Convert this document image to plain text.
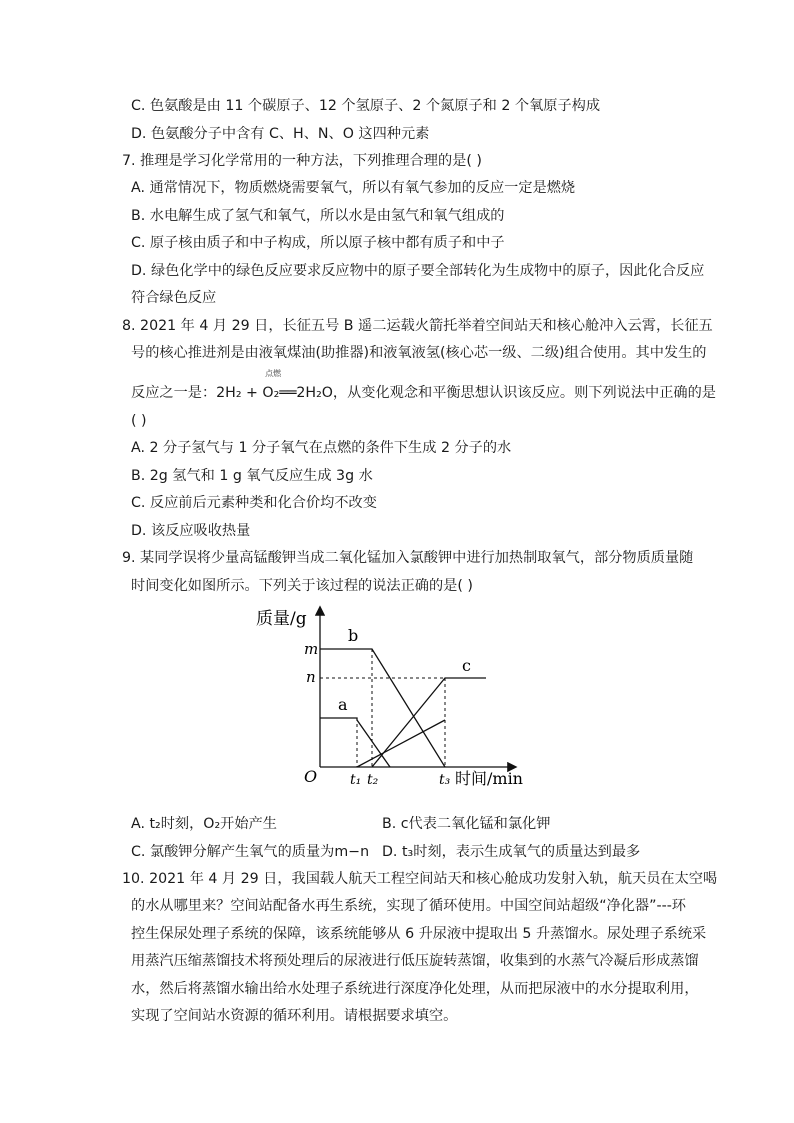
C. 色氨酸是由 11 个碳原子、12 个氢原子、2 个氮原子和 2 个氧原子构成
D. 色氨酸分子中含有 C、H、N、O 这四种元素
7. 推理是学习化学常用的一种方法，下列推理合理的是( )
A. 通常情况下，物质燃烧需要氧气，所以有氧气参加的反应一定是燃烧
B. 水电解生成了氢气和氧气，所以水是由氢气和氧气组成的
C. 原子核由质子和中子构成，所以原子核中都有质子和中子
D. 绿色化学中的绿色反应要求反应物中的原子要全部转化为生成物中的原子，因此化合反应
符合绿色反应
8. 2021 年 4 月 29 日，长征五号 B 遥二运载火箭托举着空间站天和核心舱冲入云霄，长征五
号的核心推进剂是由液氧煤油(助推器)和液氧液氢(核心芯一级、二级)组合使用。其中发生的
反应之一是：
点燃
2H₂ + O₂══2H₂O，从变化观念和平衡思想认识该反应。则下列说法中正确的是
( )
A. 2 分子氢气与 1 分子氧气在点燃的条件下生成 2 分子的水
B. 2g 氢气和 1 g 氧气反应生成 3g 水
C. 反应前后元素种类和化合价均不改变
D. 该反应吸收热量
9. 某同学误将少量高锰酸钾当成二氧化锰加入氯酸钾中进行加热制取氧气，部分物质质量随
时间变化如图所示。下列关于该过程的说法正确的是( )
质量/g
时间/min
O
m
n
t₁ t₂	t₃
a
b
c
A. t₂时刻，O₂开始产生	B. c代表二氧化锰和氯化钾
C. 氯酸钾分解产生氧气的质量为m−n D. t₃时刻，表示生成氧气的质量达到最多
10. 2021 年 4 月 29 日，我国载人航天工程空间站天和核心舱成功发射入轨，航天员在太空喝
的水从哪里来？空间站配备水再生系统，实现了循环使用。中国空间站超级“净化器”---环
控生保尿处理子系统的保障，该系统能够从 6 升尿液中提取出 5 升蒸馏水。尿处理子系统采
用蒸汽压缩蒸馏技术将预处理后的尿液进行低压旋转蒸馏，收集到的水蒸气冷凝后形成蒸馏
水，然后将蒸馏水输出给水处理子系统进行深度净化处理，从而把尿液中的水分提取利用，
实现了空间站水资源的循环利用。请根据要求填空。
